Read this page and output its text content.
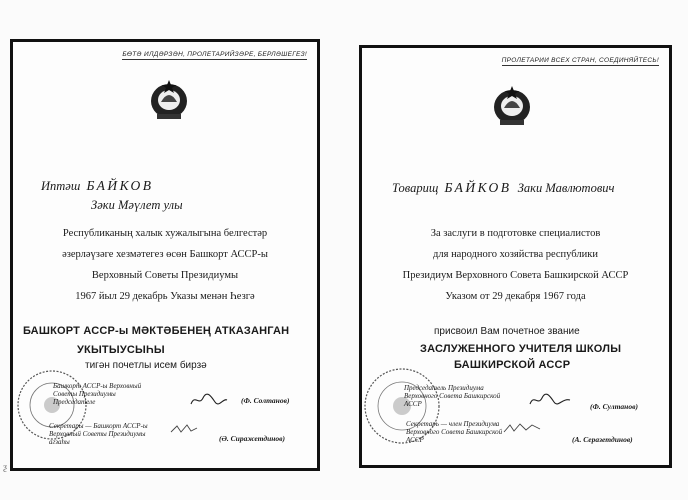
БӨТӘ ИЛДӘРЗӘН, ПРОЛЕТАРИЙЗӘРЕ, БЕРЛӘШЕГЕЗ!
Иптәш БАЙКОВ
Зәки Мәүлет улы
Республиканың халык хужалыгына белгестәр
әзерләүзәге хезмәтегез өсөн Башкорт АССР-ы
Верховный Советы Президиумы
1967 йыл 29 декабрь Указы менән Һезгә
БАШКОРТ АССР-ы МӘКТӘБЕНЕҢ АТКАЗАНГАН
УКЫТЫУСЫҺЫ
тигән почетлы исем бирзә
Башкорт АССР-ы Верховный Советы Президиумы Председателе	(Ф. Солтанов)
Секретары — Башкорт АССР-ы Верховный Советы Президиумы агзаһы	(Ә. Сиражетдинов)
ПРОЛЕТАРИИ ВСЕХ СТРАН, СОЕДИНЯЙТЕСЬ!
Товарищ БАЙКОВ Заки Мавлютович
За заслуги в подготовке специалистов
для народного хозяйства республики
Президиум Верховного Совета Башкирской АССР
Указом от 29 декабря 1967 года
присвоил Вам почетное звание
ЗАСЛУЖЕННОГО УЧИТЕЛЯ ШКОЛЫ
БАШКИРСКОЙ АССР
Председатель Президиума Верховного Совета Башкирской АССР	(Ф. Султанов)
Секретарь — член Президиума Верховного Совета Башкирской АССР	(А. Серазетдинов)
ƺ
